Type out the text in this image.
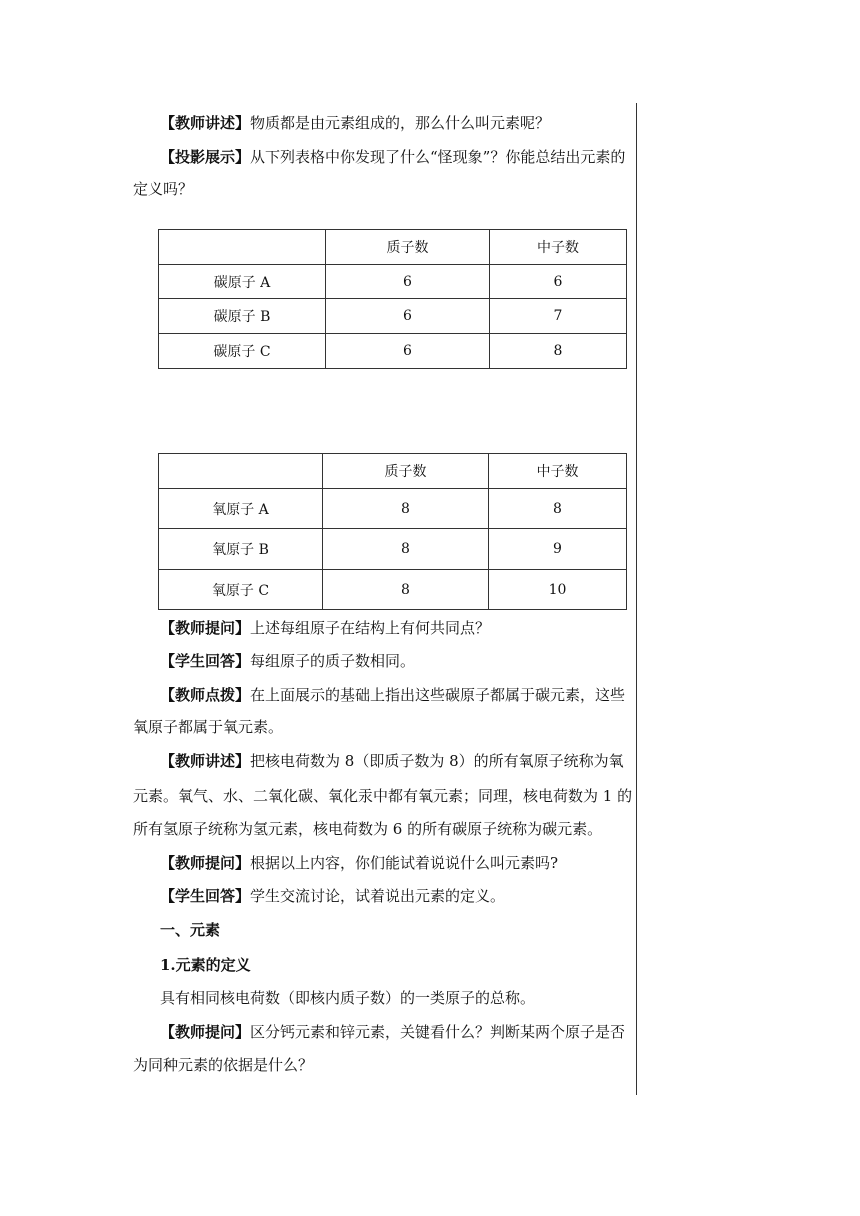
【教师讲述】物质都是由元素组成的，那么什么叫元素呢？

【投影展示】从下列表格中你发现了什么“怪现象”？你能总结出元素的

定义吗？

	质子数	中子数
碳原子 A	6	6
碳原子 B	6	7
碳原子 C	6	8
	质子数	中子数
氧原子 A	8	8
氧原子 B	8	9
氧原子 C	8	10

【教师提问】上述每组原子在结构上有何共同点？

【学生回答】每组原子的质子数相同。

【教师点拨】在上面展示的基础上指出这些碳原子都属于碳元素，这些

氧原子都属于氧元素。

【教师讲述】把核电荷数为 8（即质子数为 8）的所有氧原子统称为氧

元素。氧气、水、二氧化碳、氧化汞中都有氧元素；同理，核电荷数为 1 的

所有氢原子统称为氢元素，核电荷数为 6 的所有碳原子统称为碳元素。

【教师提问】根据以上内容，你们能试着说说什么叫元素吗?

【学生回答】学生交流讨论，试着说出元素的定义。

一、元素

1.元素的定义

具有相同核电荷数（即核内质子数）的一类原子的总称。

【教师提问】区分钙元素和锌元素，关键看什么？判断某两个原子是否

为同种元素的依据是什么？
